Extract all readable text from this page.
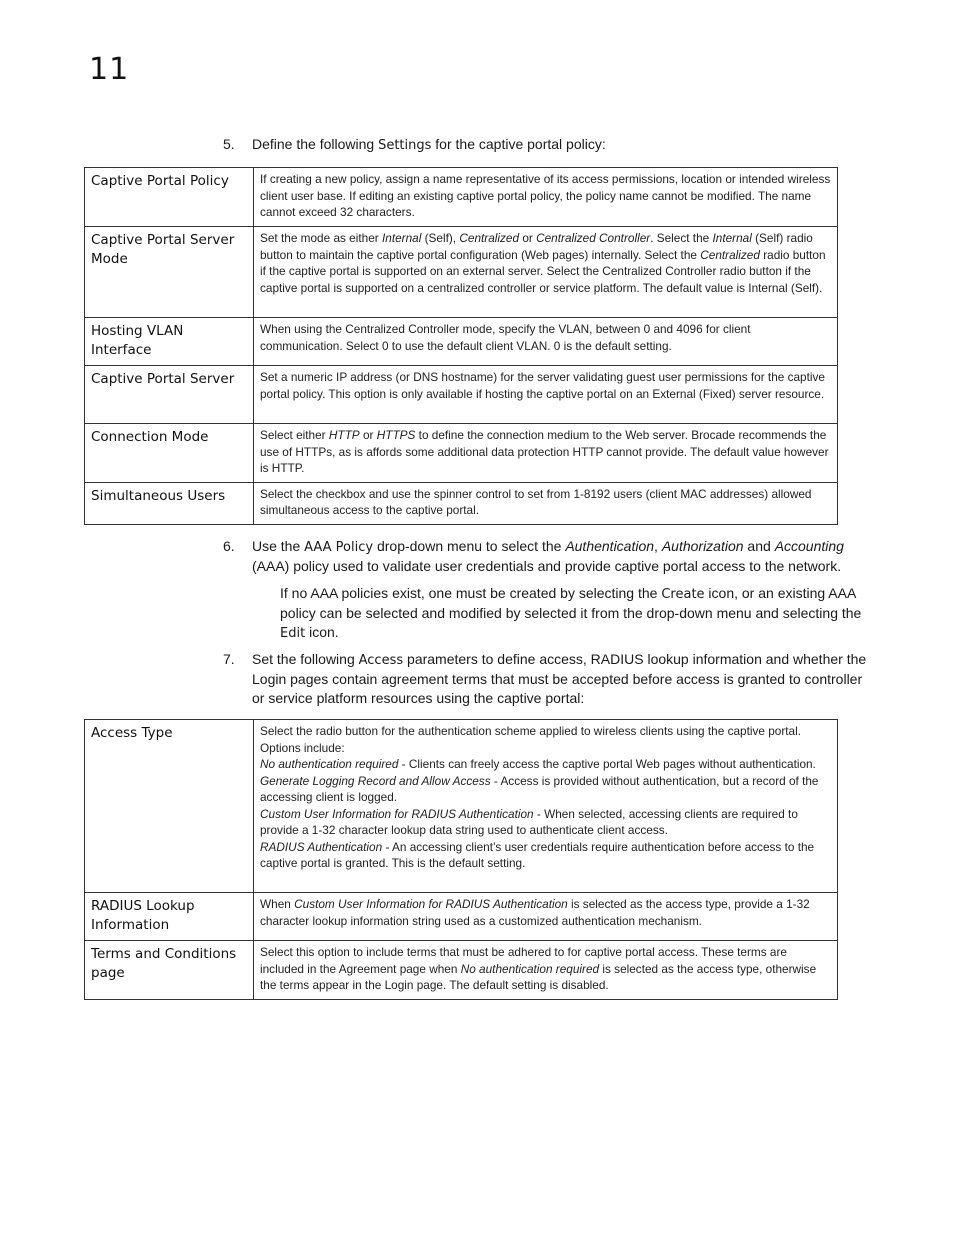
11
5.	Define the following Settings for the captive portal policy:
Captive Portal Policy	If creating a new policy, assign a name representative of its access permissions, location or intended wireless client user base. If editing an existing captive portal policy, the policy name cannot be modified. The name cannot exceed 32 characters.
Captive Portal Server Mode	Set the mode as either Internal (Self), Centralized or Centralized Controller. Select the Internal (Self) radio button to maintain the captive portal configuration (Web pages) internally. Select the Centralized radio button if the captive portal is supported on an external server. Select the Centralized Controller radio button if the captive portal is supported on a centralized controller or service platform. The default value is Internal (Self).
Hosting VLAN Interface	When using the Centralized Controller mode, specify the VLAN, between 0 and 4096 for client communication. Select 0 to use the default client VLAN. 0 is the default setting.
Captive Portal Server	Set a numeric IP address (or DNS hostname) for the server validating guest user permissions for the captive portal policy. This option is only available if hosting the captive portal on an External (Fixed) server resource.
Connection Mode	Select either HTTP or HTTPS to define the connection medium to the Web server. Brocade recommends the use of HTTPs, as is affords some additional data protection HTTP cannot provide. The default value however is HTTP.
Simultaneous Users	Select the checkbox and use the spinner control to set from 1-8192 users (client MAC addresses) allowed simultaneous access to the captive portal.
6.	Use the AAA Policy drop-down menu to select the Authentication, Authorization and Accounting (AAA) policy used to validate user credentials and provide captive portal access to the network.
If no AAA policies exist, one must be created by selecting the Create icon, or an existing AAA policy can be selected and modified by selected it from the drop-down menu and selecting the Edit icon.
7.	Set the following Access parameters to define access, RADIUS lookup information and whether the Login pages contain agreement terms that must be accepted before access is granted to controller or service platform resources using the captive portal:
Access Type	Select the radio button for the authentication scheme applied to wireless clients using the captive portal. Options include:
No authentication required - Clients can freely access the captive portal Web pages without authentication.
Generate Logging Record and Allow Access - Access is provided without authentication, but a record of the accessing client is logged.
Custom User Information for RADIUS Authentication - When selected, accessing clients are required to provide a 1-32 character lookup data string used to authenticate client access.
RADIUS Authentication - An accessing client’s user credentials require authentication before access to the captive portal is granted. This is the default setting.

RADIUS Lookup Information	When Custom User Information for RADIUS Authentication is selected as the access type, provide a 1-32 character lookup information string used as a customized authentication mechanism.
Terms and Conditions page	Select this option to include terms that must be adhered to for captive portal access. These terms are included in the Agreement page when No authentication required is selected as the access type, otherwise the terms appear in the Login page. The default setting is disabled.
